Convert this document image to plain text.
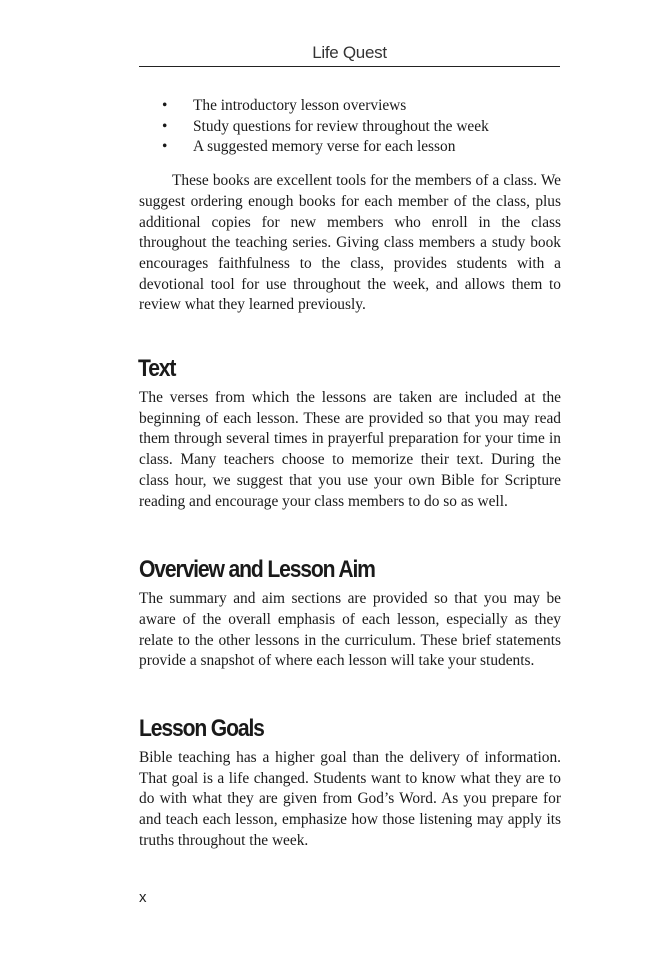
Life Quest
• The introductory lesson overviews
• Study questions for review throughout the week
• A suggested memory verse for each lesson

These books are excellent tools for the members of a class. We suggest ordering enough books for each member of the class, plus additional copies for new members who enroll in the class throughout the teaching series. Giving class members a study book encourages faithfulness to the class, provides students with a devotional tool for use throughout the week, and allows them to review what they learned previously.

Text

The verses from which the lessons are taken are included at the beginning of each lesson. These are provided so that you may read them through several times in prayerful preparation for your time in class. Many teachers choose to memorize their text. During the class hour, we suggest that you use your own Bible for Scripture reading and encourage your class members to do so as well.

Overview and Lesson Aim

The summary and aim sections are provided so that you may be aware of the overall emphasis of each lesson, especially as they relate to the other lessons in the curriculum. These brief statements provide a snapshot of where each lesson will take your students.

Lesson Goals

Bible teaching has a higher goal than the delivery of information. That goal is a life changed. Students want to know what they are to do with what they are given from God’s Word. As you prepare for and teach each lesson, emphasize how those listening may apply its truths throughout the week.

x
